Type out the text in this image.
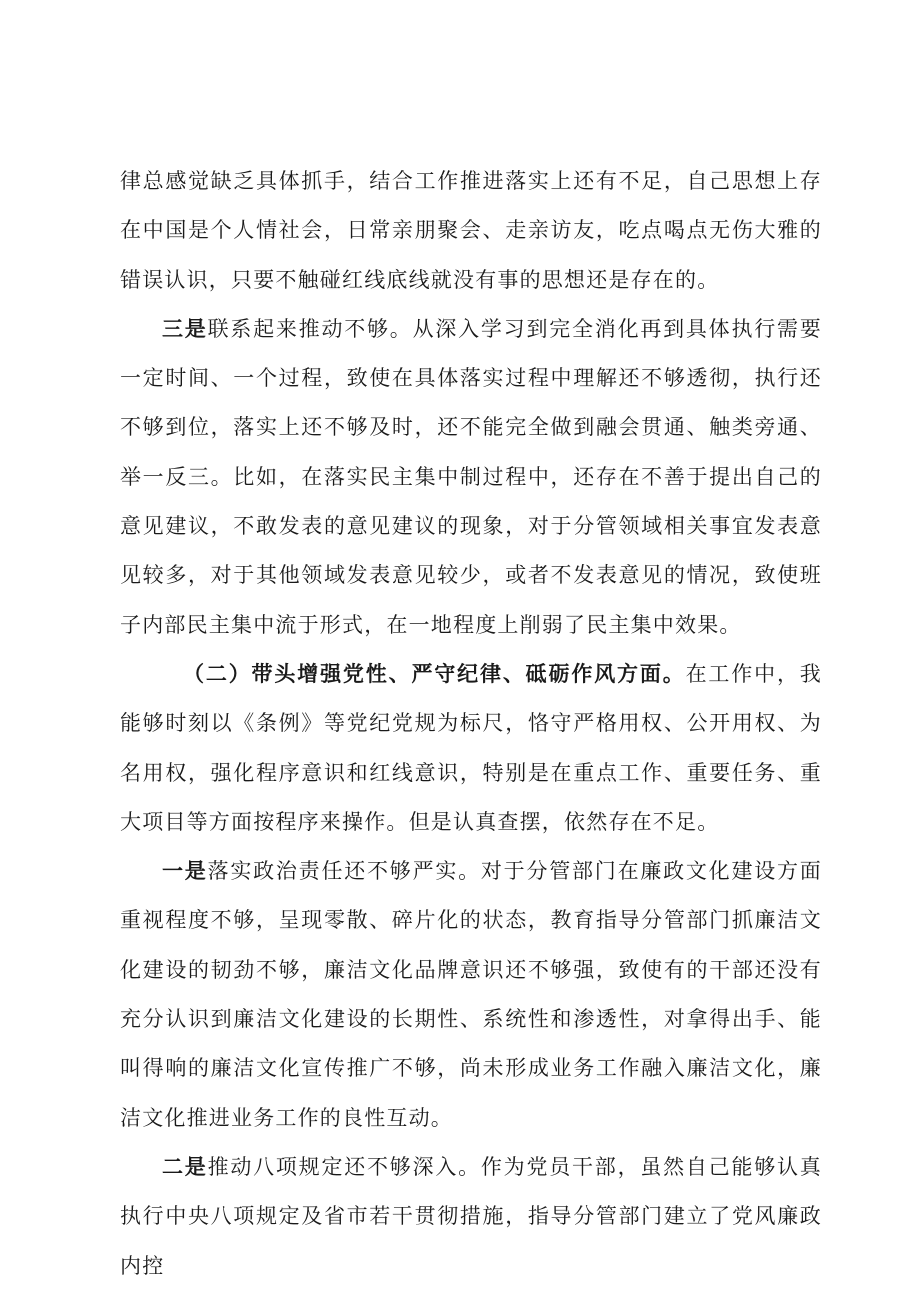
律总感觉缺乏具体抓手，结合工作推进落实上还有不足，自己思想上存在中国是个人情社会，日常亲朋聚会、走亲访友，吃点喝点无伤大雅的错误认识，只要不触碰红线底线就没有事的思想还是存在的。

三是联系起来推动不够。从深入学习到完全消化再到具体执行需要一定时间、一个过程，致使在具体落实过程中理解还不够透彻，执行还不够到位，落实上还不够及时，还不能完全做到融会贯通、触类旁通、举一反三。比如，在落实民主集中制过程中，还存在不善于提出自己的意见建议，不敢发表的意见建议的现象，对于分管领域相关事宜发表意见较多，对于其他领域发表意见较少，或者不发表意见的情况，致使班子内部民主集中流于形式，在一地程度上削弱了民主集中效果。

（二）带头增强党性、严守纪律、砥砺作风方面。在工作中，我能够时刻以《条例》等党纪党规为标尺，恪守严格用权、公开用权、为名用权，强化程序意识和红线意识，特别是在重点工作、重要任务、重大项目等方面按程序来操作。但是认真查摆，依然存在不足。

一是落实政治责任还不够严实。对于分管部门在廉政文化建设方面重视程度不够，呈现零散、碎片化的状态，教育指导分管部门抓廉洁文化建设的韧劲不够，廉洁文化品牌意识还不够强，致使有的干部还没有充分认识到廉洁文化建设的长期性、系统性和渗透性，对拿得出手、能叫得响的廉洁文化宣传推广不够，尚未形成业务工作融入廉洁文化，廉洁文化推进业务工作的良性互动。

二是推动八项规定还不够深入。作为党员干部，虽然自己能够认真执行中央八项规定及省市若干贯彻措施，指导分管部门建立了党风廉政内控
